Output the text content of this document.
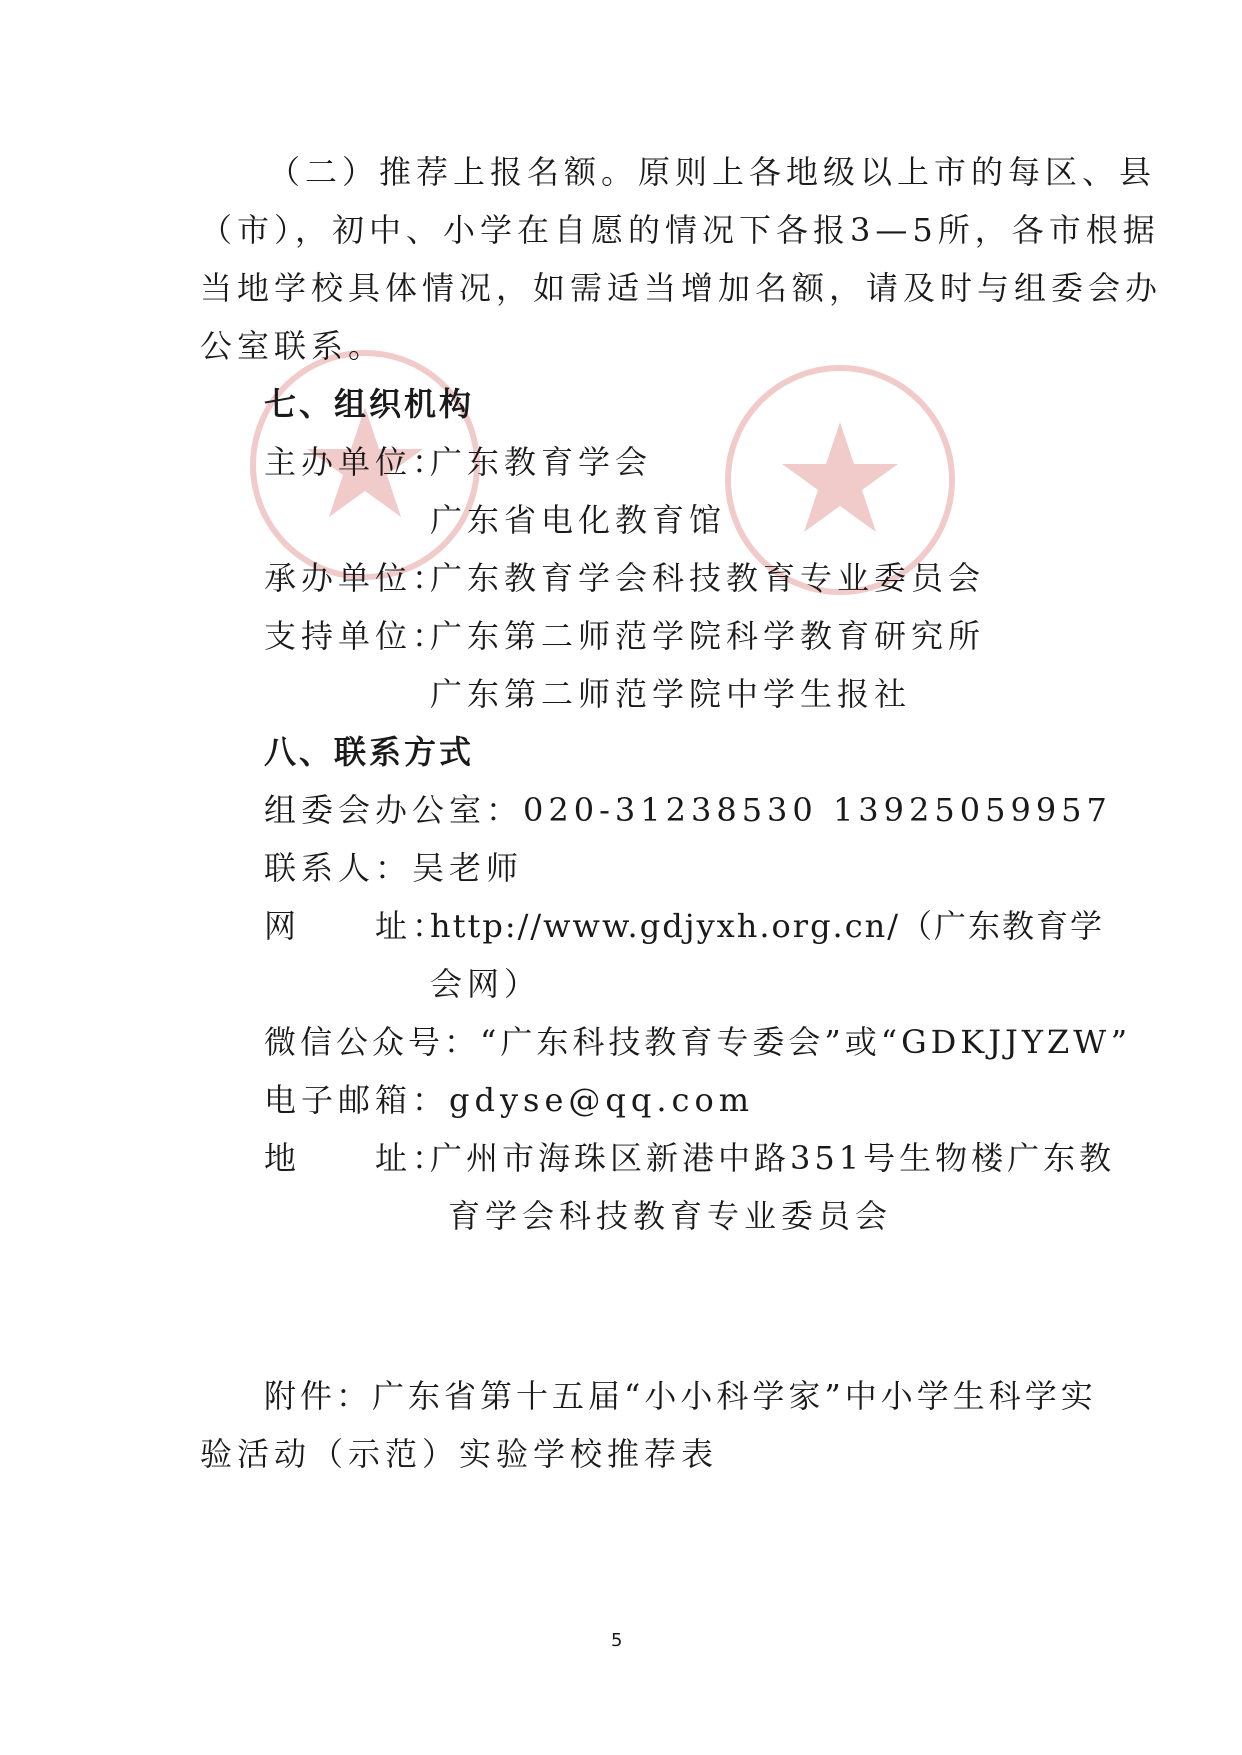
（二）推荐上报名额。原则上各地级以上市的每区、县
（市），初中、小学在自愿的情况下各报3—5所，各市根据
当地学校具体情况，如需适当增加名额，请及时与组委会办
公室联系。
七、组织机构
主办单位：
广东教育学会
广东省电化教育馆
承办单位：
广东教育学会科技教育专业委员会
支持单位：
广东第二师范学院科学教育研究所
广东第二师范学院中学生报社
八、联系方式
组委会办公室：020-31238530 13925059957
联系人：吴老师
网　　址：
http://www.gdjyxh.org.cn/（广东教育学
会网）
微信公众号：“广东科技教育专委会”或“GDKJJYZW”
电子邮箱：gdyse@qq.com
地　　址：
广州市海珠区新港中路351号生物楼广东教
育学会科技教育专业委员会
附件：广东省第十五届“小小科学家”中小学生科学实
验活动（示范）实验学校推荐表
5
